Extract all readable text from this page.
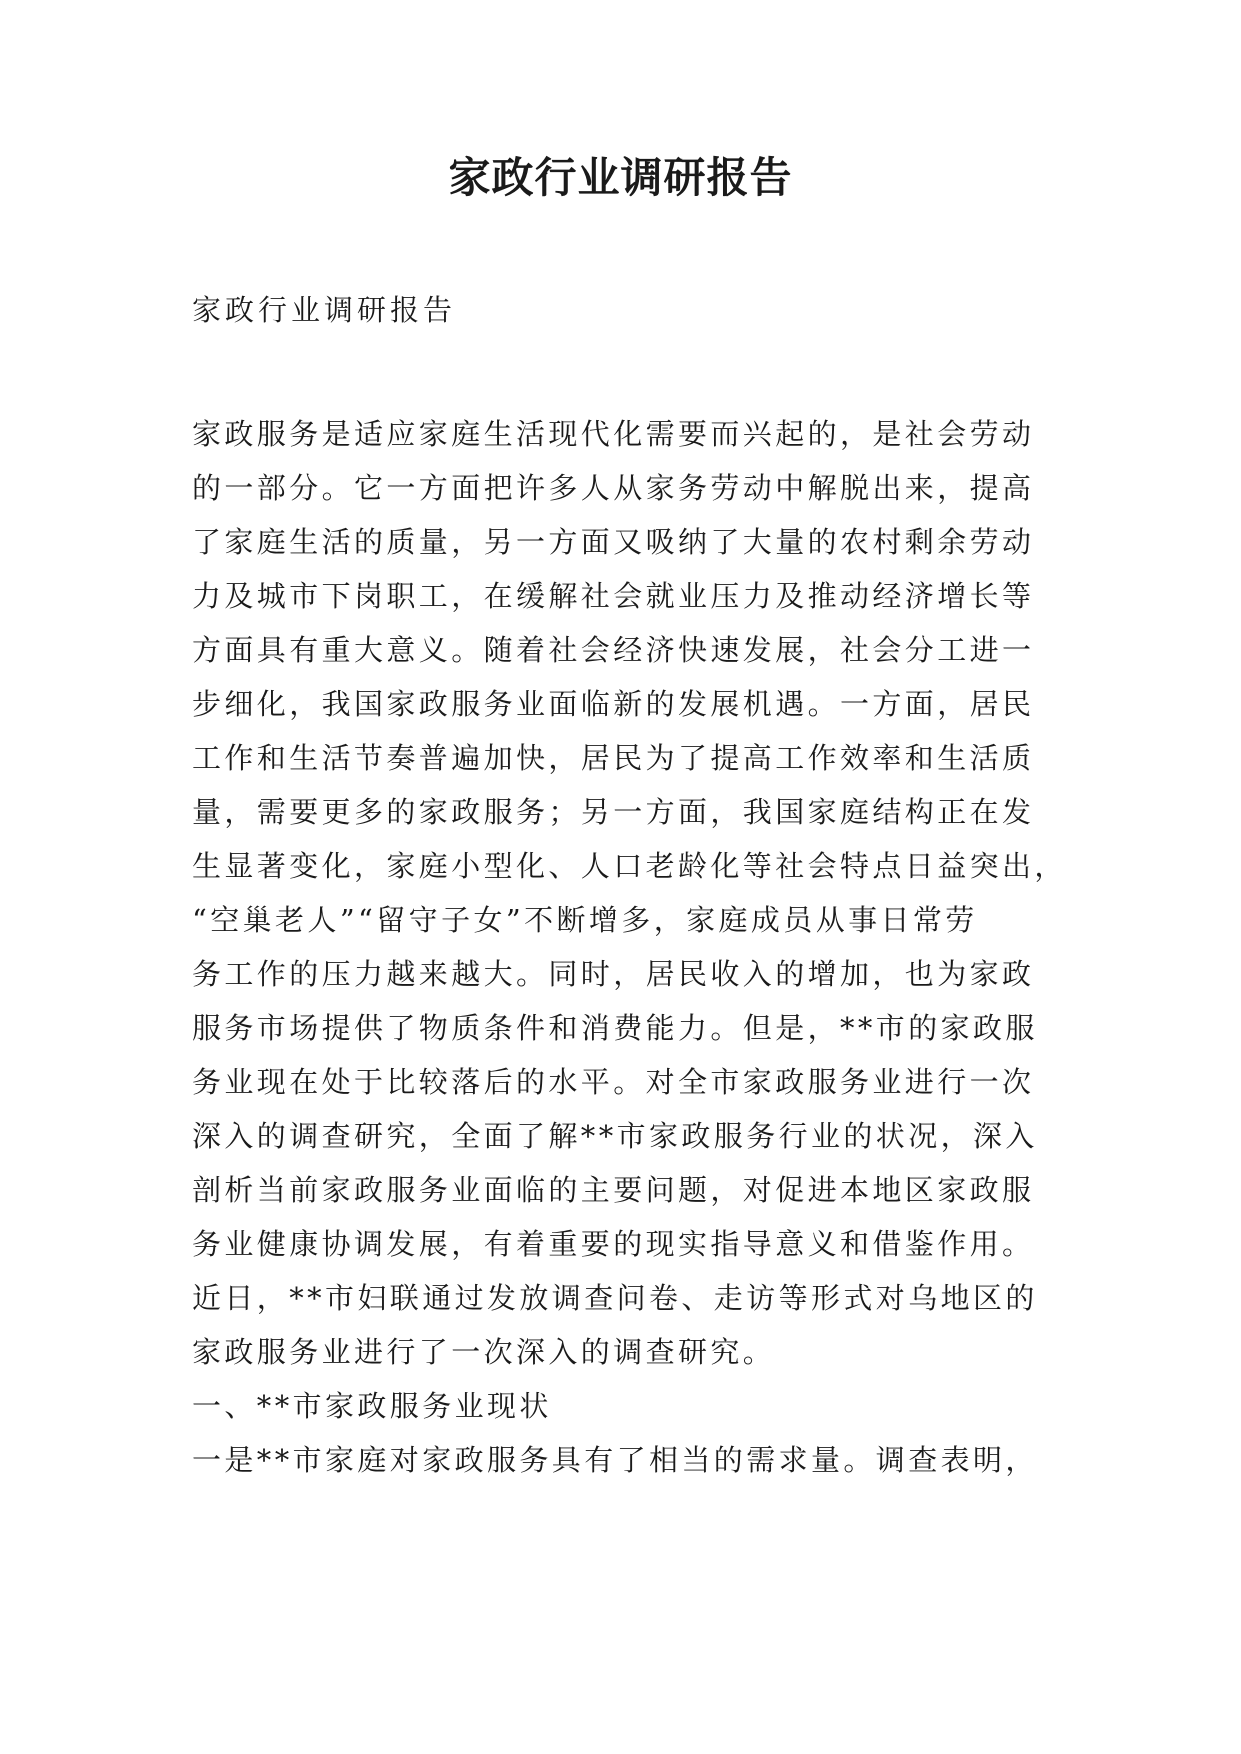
家政行业调研报告
家政行业调研报告
家政服务是适应家庭生活现代化需要而兴起的，是社会劳动
的一部分。它一方面把许多人从家务劳动中解脱出来，提高
了家庭生活的质量，另一方面又吸纳了大量的农村剩余劳动
力及城市下岗职工，在缓解社会就业压力及推动经济增长等
方面具有重大意义。随着社会经济快速发展，社会分工进一
步细化，我国家政服务业面临新的发展机遇。一方面，居民
工作和生活节奏普遍加快，居民为了提高工作效率和生活质
量，需要更多的家政服务；另一方面，我国家庭结构正在发
生显著变化，家庭小型化、人口老龄化等社会特点日益突出，
“空巢老人”“留守子女”不断增多，家庭成员从事日常劳
务工作的压力越来越大。同时，居民收入的增加，也为家政
服务市场提供了物质条件和消费能力。但是，**市的家政服
务业现在处于比较落后的水平。对全市家政服务业进行一次
深入的调查研究，全面了解**市家政服务行业的状况，深入
剖析当前家政服务业面临的主要问题，对促进本地区家政服
务业健康协调发展，有着重要的现实指导意义和借鉴作用。
近日，**市妇联通过发放调查问卷、走访等形式对乌地区的
家政服务业进行了一次深入的调查研究。
一、**市家政服务业现状
一是**市家庭对家政服务具有了相当的需求量。调查表明，
